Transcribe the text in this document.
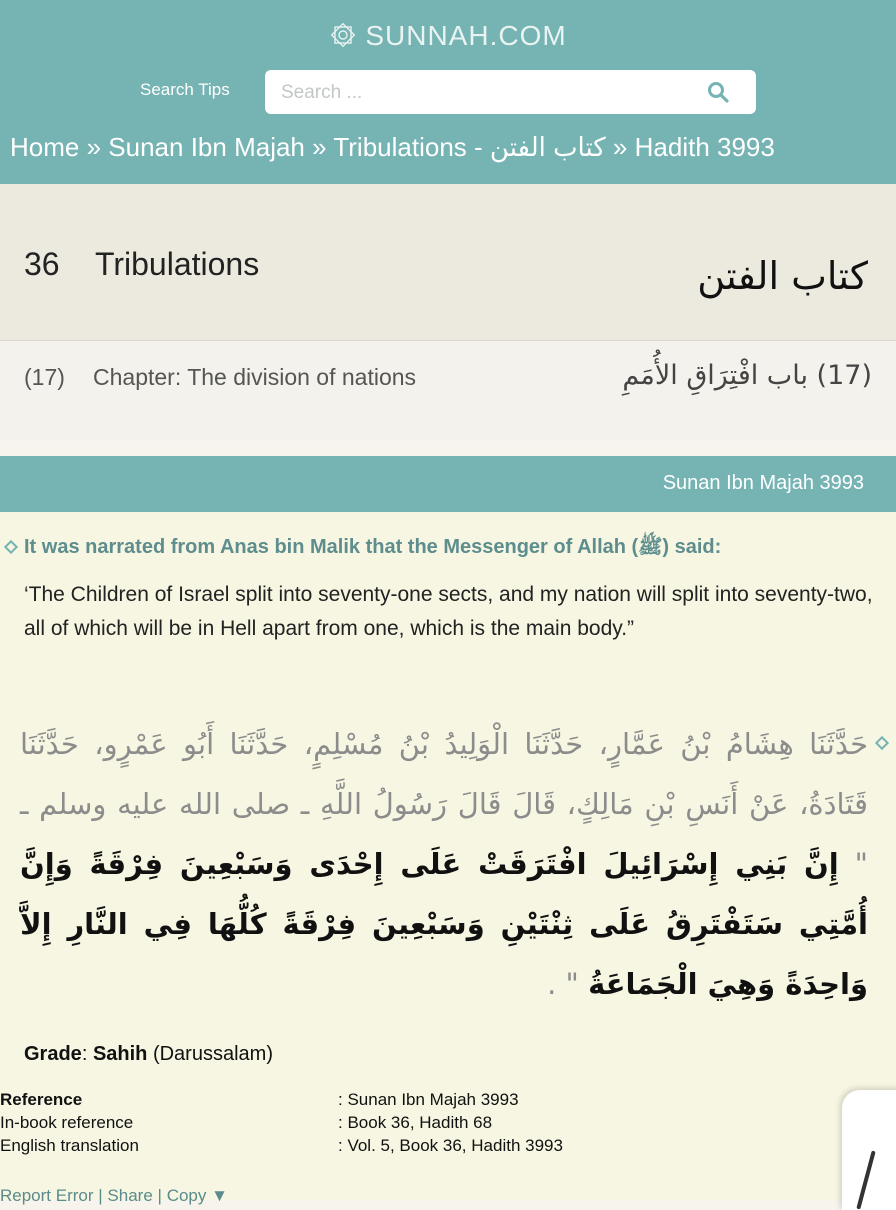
SUNNAH.COM
Search Tips
Search ...
Home » Sunan Ibn Majah » Tribulations - كتاب الفتن » Hadith 3993
36 Tribulations	كتاب الفتن
(17) Chapter: The division of nations	(17) باب افْتِرَاقِ الأُمَمِ
Sunan Ibn Majah 3993
It was narrated from Anas bin Malik that the Messenger of Allah (ﷺ) said:
‘The Children of Israel split into seventy-one sects, and my nation will split into seventy-two, all of which will be in Hell apart from one, which is the main body.”
حَدَّثَنَا هِشَامُ بْنُ عَمَّارٍ، حَدَّثَنَا الْوَلِيدُ بْنُ مُسْلِمٍ، حَدَّثَنَا أَبُو عَمْرٍو، حَدَّثَنَا قَتَادَةُ، عَنْ أَنَسِ بْنِ مَالِكٍ، قَالَ قَالَ رَسُولُ اللَّهِ ـ صلى الله عليه وسلم ـ " إِنَّ بَنِي إِسْرَائِيلَ افْتَرَقَتْ عَلَى إِحْدَى وَسَبْعِينَ فِرْقَةً وَإِنَّ أُمَّتِي سَتَفْتَرِقُ عَلَى ثِنْتَيْنِ وَسَبْعِينَ فِرْقَةً كُلُّهَا فِي النَّارِ إِلاَّ وَاحِدَةً وَهِيَ الْجَمَاعَةُ " .
Grade: Sahih (Darussalam)
Reference	: Sunan Ibn Majah 3993
In-book reference	: Book 36, Hadith 68
English translation	: Vol. 5, Book 36, Hadith 3993
Report Error | Share | Copy ▼
